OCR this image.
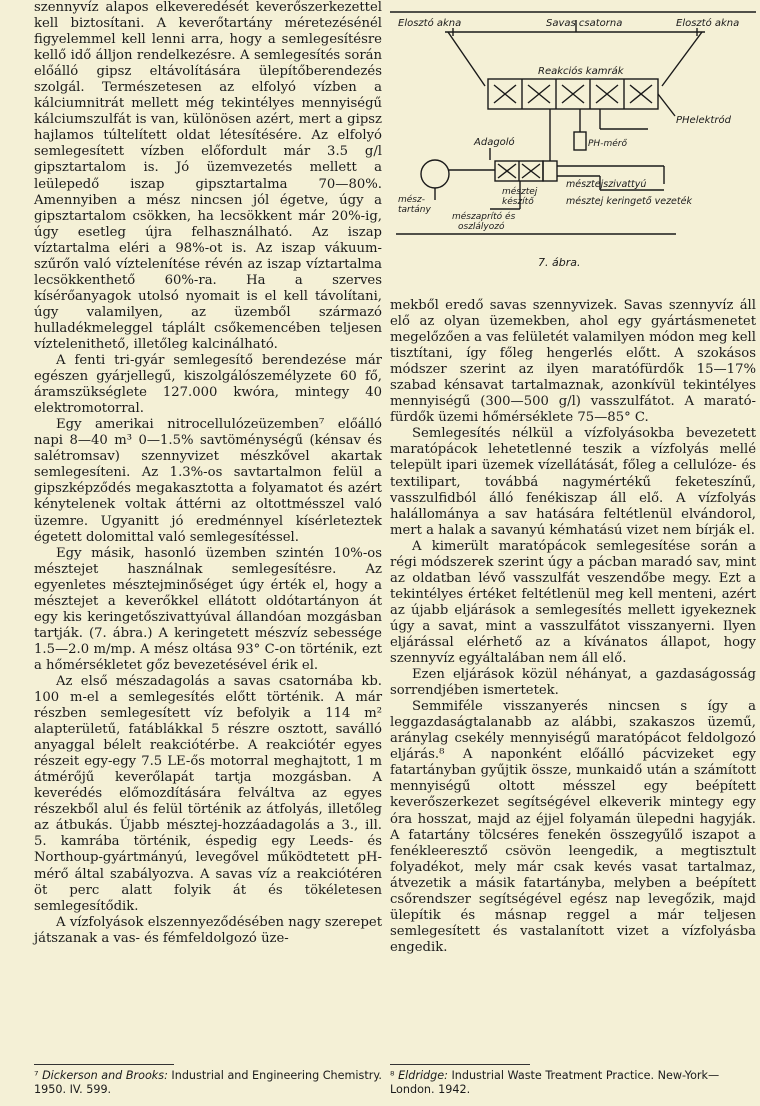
szennyvíz alapos elkeveredését keverőszerkezettel kell biztosítani. A keverőtartány méretezésénél figyelemmel kell lenni arra, hogy a semlegesítésre kellő idő álljon rendelkezésre. A semlegesítés során előálló gipsz eltávolítására ülepítőberendezés szolgál. Természetesen az elfolyó vízben a kálciumnitrát mellett még tekintélyes mennyiségű kálciumszulfát is van, különösen azért, mert a gipsz hajlamos túltelített oldat létesítésére. Az elfolyó semlegesített vízben előfordult már 3.5 g/l gipsztartalom is. Jó üzemvezetés mellett a leülepedő iszap gipsztartalma 70—80%. Amennyiben a mész nincsen jól égetve, úgy a gipsztartalom csökken, ha lecsökkent már 20%-ig, úgy esetleg újra felhasználható. Az iszap víztartalma eléri a 98%-ot is. Az iszap vákuum-szűrőn való víztelenítése révén az iszap víztartalma lecsökkenthető 60%-ra. Ha a szerves kísérőanyagok utolsó nyomait is el kell távolítani, úgy valamilyen, az üzemből származó hulladékmeleggel táplált csőkemencében teljesen víztelenithető, illetőleg kalcinálható.

A fenti tri-gyár semlegesítő berendezése már egészen gyárjellegű, kiszolgálószemélyzete 60 fő, áramszükséglete 127.000 kwóra, mintegy 40 elektromotorral.

Egy amerikai nitrocellulózeüzemben⁷ előálló napi 8—40 m³ 0—1.5% savtöménységű (kénsav és salétromsav) szennyvizet mészkővel akartak semlegesíteni. Az 1.3%-os savtartalmon felül a gipszképződés megakasztotta a folyamatot és azért kénytelenek voltak áttérni az oltottmésszel való üzemre. Ugyanitt jó eredménnyel kísérleteztek égetett dolomittal való semlegesítéssel.

Egy másik, hasonló üzemben szintén 10%-os mésztejet használnak semlegesítésre. Az egyenletes mésztejminőséget úgy érték el, hogy a mésztejet a keverőkkel ellátott oldótartányon át egy kis keringetőszivattyúval állandóan mozgásban tartják. (7. ábra.) A keringetett mészvíz sebessége 1.5—2.0 m/mp. A mész oltása 93° C-on történik, ezt a hőmérsékletet gőz bevezetésével érik el.

Az első mészadagolás a savas csatornába kb. 100 m-el a semlegesítés előtt történik. A már részben semlegesített víz befolyik a 114 m² alapterületű, fatáblákkal 5 részre osztott, saválló anyaggal bélelt reakciótérbe. A reakciótér egyes részeit egy-egy 7.5 LE-ős motorral meghajtott, 1 m átmérőjű keverőlapát tartja mozgásban. A keverédés előmozdítására felváltva az egyes részekből alul és felül történik az átfolyás, illetőleg az átbukás. Újabb mésztej-hozzáadagolás a 3., ill. 5. kamrába történik, éspedig egy Leeds- és Northoup-gyártmányú, levegővel működtetett pH-mérő által szabályozva. A savas víz a reakciótéren öt perc alatt folyik át és tökéletesen semlegesítődik.

A vízfolyások elszennyeződésében nagy szerepet játszanak a vas- és fémfeldolgozó üze-

Elosztó akna	Savas csatorna	Elosztó akna
Reakciós kamrák
PHelektród
Adagoló	PH-mérő
mész-tartány
mésztej készítő
mésztejszivattyú
mésztej keringető vezeték
mészaprító és oszlályozó
7. ábra.

mekből eredő savas szennyvizek. Savas szennyvíz áll elő az olyan üzemekben, ahol egy gyártásmenetet megelőzően a vas felületét valamilyen módon meg kell tisztítani, így főleg hengerlés előtt. A szokásos módszer szerint az ilyen maratófürdők 15—17% szabad kénsavat tartalmaznak, azonkívül tekintélyes mennyiségű (300—500 g/l) vasszulfátot. A marató-fürdők üzemi hőmérséklete 75—85° C.

Semlegesítés nélkül a vízfolyásokba bevezetett maratópácok lehetetlenné teszik a vízfolyás mellé települt ipari üzemek vízellátását, főleg a cellulóze- és textilipart, továbbá nagymértékű feketeszínű, vasszulfidból álló fenékiszap áll elő. A vízfolyás halállománya a sav hatására feltétlenül elvándorol, mert a halak a savanyú kémhatású vizet nem bírják el.

A kimerült maratópácok semlegesítése során a régi módszerek szerint úgy a pácban maradó sav, mint az oldatban lévő vasszulfát veszendőbe megy. Ezt a tekintélyes értéket feltétlenül meg kell menteni, azért az újabb eljárások a semlegesítés mellett igyekeznek úgy a savat, mint a vasszulfátot visszanyerni. Ilyen eljárással elérhető az a kívánatos állapot, hogy szennyvíz egyáltalában nem áll elő.

Ezen eljárások közül néhányat, a gazdaságosság sorrendjében ismertetek.

Semmiféle visszanyerés nincsen s így a leggazdaságtalanabb az alábbi, szakaszos üzemű, aránylag csekély mennyiségű maratópácot feldolgozó eljárás.⁸ A naponként előálló pácvizeket egy fatartányban gyűjtik össze, munkaidő után a számított mennyiségű oltott mésszel egy beépített keverőszerkezet segítségével elkeverik mintegy egy óra hosszat, majd az éjjel folyamán ülepedni hagyják. A fatartány tölcséres fenekén összegyűlő iszapot a fenékleeresztő csövön leengedik, a megtisztult folyadékot, mely már csak kevés vasat tartalmaz, átvezetik a másik fatartányba, melyben a beépített csőrendszer segítségével egész nap levegőzik, majd ülepítik és másnap reggel a már teljesen semlegesített és vastalanított vizet a vízfolyásba engedik.

⁷ Dickerson and Brooks: Industrial and Engineering Chemistry. 1950. IV. 599.
⁸ Eldridge: Industrial Waste Treatment Practice. New-York—London. 1942.
